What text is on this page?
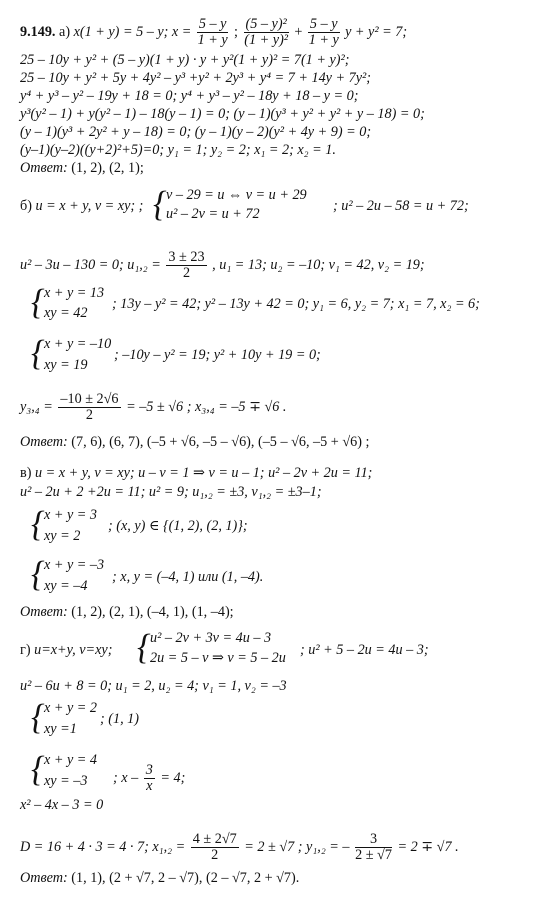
9.149. а) x(1 + y) = 5 – y; $x = \frac{5 - y}{1 + y}$ ; $\frac{\text{(5 – y)²}}{\text{(1 + y)²}} + \frac{5 - y}{1 + y}$ y + y² = 7;
25 – 10y + y² + (5 – y)(1 + y) · y + y²(1 + y)² = 7(1 + y)²;
25 – 10y + y² + 5y + 4y² – y³ +y² + 2y³ + y⁴ = 7 + 14y + 7y²;
y⁴ + y³ – y² – 19y + 18 = 0; y⁴ + y³ – y² – 18y + 18 – y = 0;
y³(y² – 1) + y(y² – 1) – 18(y – 1) = 0; (y – 1)(y³ + y² + y² + y – 18) = 0;
(y – 1)(y³ + 2y² + y – 18) = 0; (y – 1)(y – 2)(y² + 4y + 9) = 0;
(y–1)(y–2)((y+2)²+5)=0; y₁ = 1; y₂ = 2; x₁ = 2; x₂ = 1.
Ответ: (1, 2), (2, 1);
б) u = x + y, v = xy; ; { v – 29 = u ⇔ v = u + 29
u² – 2v = u + 72	; u² – 2u – 58 = u + 72;
u² – 3u – 130 = 0; $u_1,_2 = \frac{3 \pm 23}{2}$ , u₁ = 13; u₂ = –10; v₁ = 42, v₂ = 19;
{ x + y = 13
xy = 42
; 13y – y² = 42; y² – 13y + 42 = 0; y₁ = 6, y₂ = 7; x₁ = 7, x₂ = 6;
{ x + y = –10
xy = 19
; –10y – y² = 19; y² + 10y + 19 = 0;
$y_3,_4 = \frac{-10 \pm 2√6}{2} = -5 \pm √6$ ; x₃,₄ = –5 ∓ √6 .
Ответ: (7, 6), (6, 7), (–5 + √6, –5 – √6), (–5 – √6, –5 + √6) ;
в) u = x + y, v = xy; u – v = 1 ⇒ v = u – 1; u² – 2v + 2u = 11;
u² – 2u + 2 +2u = 11; u² = 9; u₁,₂ = ±3, v₁,₂ = ±3–1;
{ x + y = 3
xy = 2
; (x, y) ∈ {(1, 2), (2, 1)};
{ x + y = –3
xy = –4
; x, y = (–4, 1) или (1, –4).
Ответ: (1, 2), (2, 1), (–4, 1), (1, –4);
г) u=x+y, v=xy; { u² – 2v + 3v = 4u – 3
2u = 5 – v ⇒ v = 5 – 2u ; u² + 5 – 2u = 4u – 3;
u² – 6u + 8 = 0; u₁ = 2, u₂ = 4; v₁ = 1, v₂ = –3
{ x + y = 2
xy =1
; (1, 1)
{ x + y = 4
xy = –3 ; $x - \frac{3}{x} = 4$;
x² – 4x – 3 = 0
D = 16 + 4 · 3 = 4 · 7; $x_1,_2 = \frac{4 \pm 2√7}{2} = 2 \pm √7$ ; y₁,₂ = – $\frac{3}{2 \pm √7} = 2 \mp √7$ .
Ответ: (1, 1), (2 + √7, 2 – √7), (2 – √7, 2 + √7).
